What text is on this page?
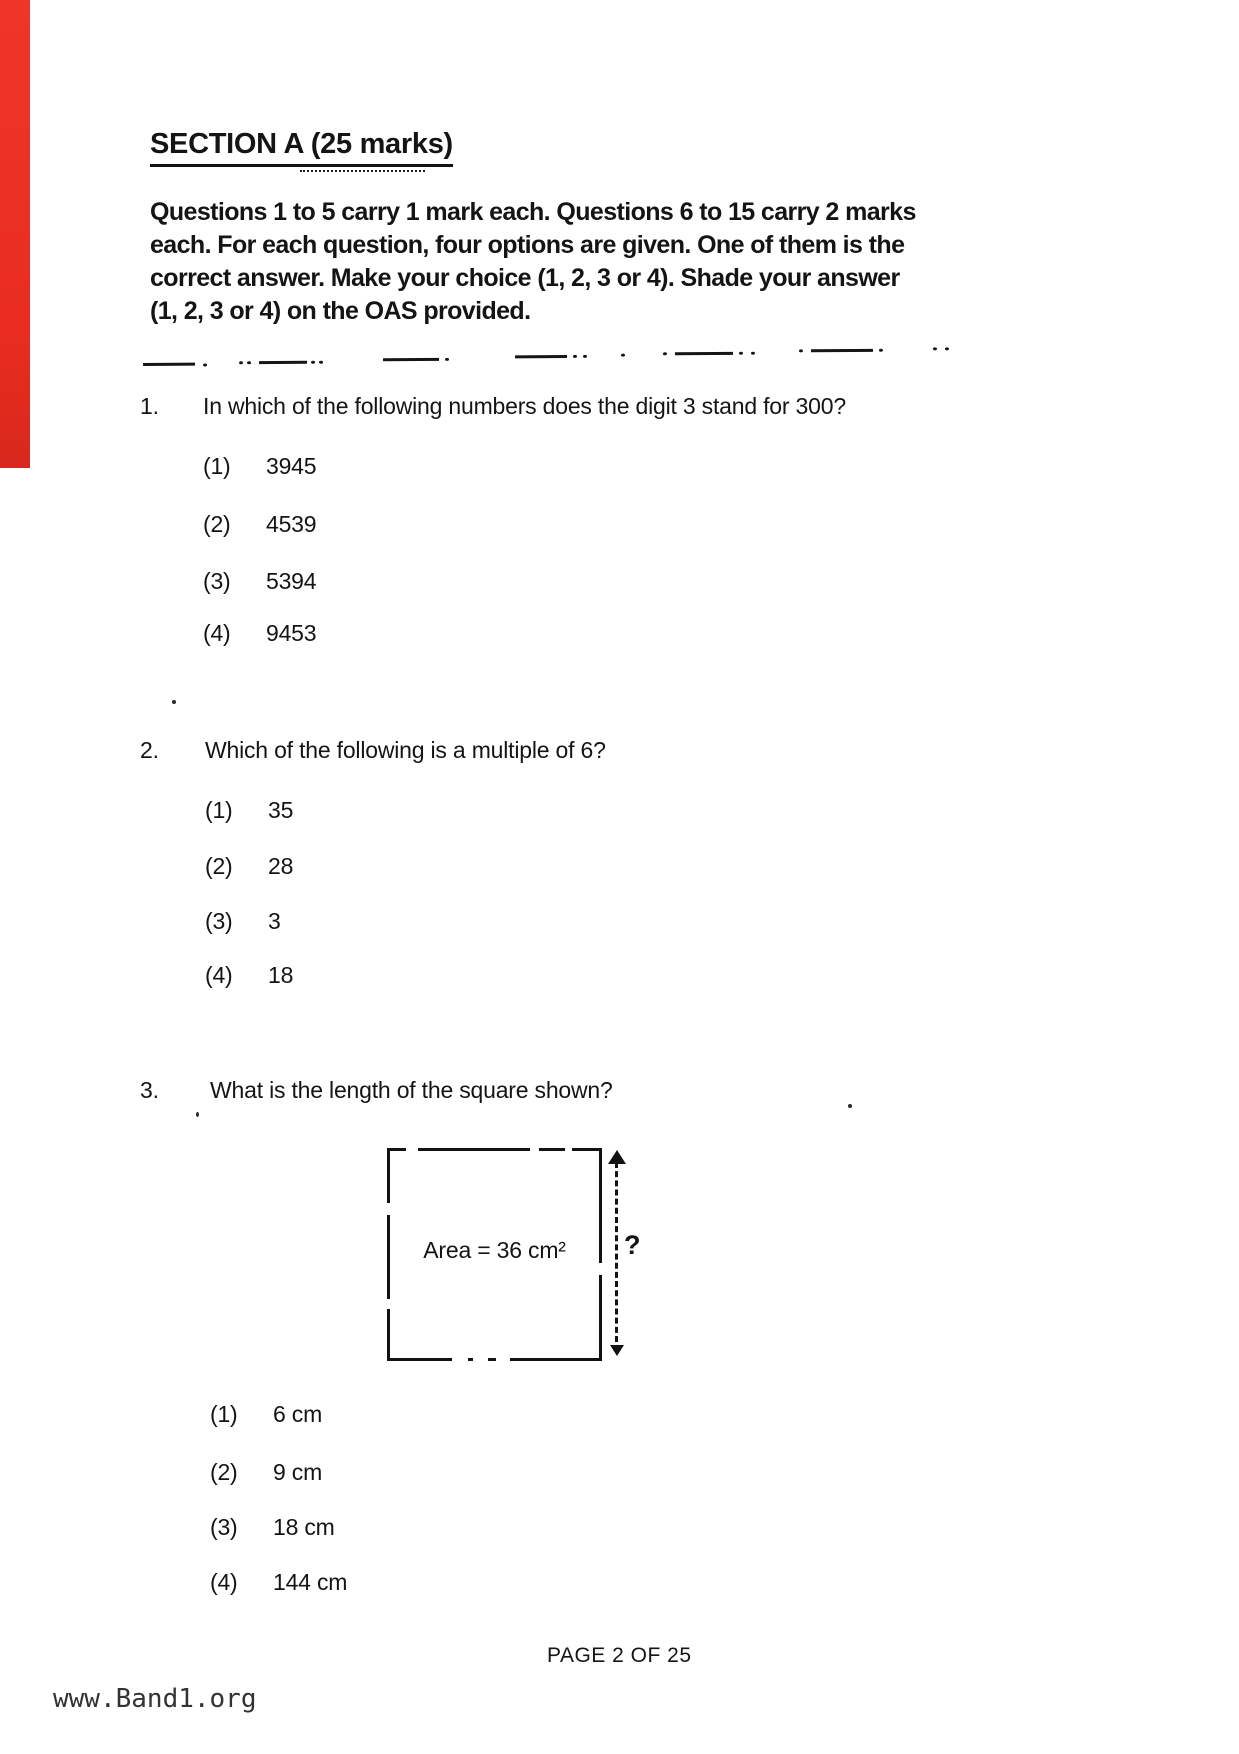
SECTION A (25 marks)
Questions 1 to 5 carry 1 mark each. Questions 6 to 15 carry 2 marks
each. For each question, four options are given. One of them is the
correct answer. Make your choice (1, 2, 3 or 4). Shade your answer
(1, 2, 3 or 4) on the OAS provided.
1. In which of the following numbers does the digit 3 stand for 300?
(1)	3945
(2)	4539
(3)	5394
(4)	9453
2. Which of the following is a multiple of 6?
(1)	35
(2)	28
(3)	3
(4)	18
3. What is the length of the square shown?
Area = 36 cm²	?
(1)	6 cm
(2)	9 cm
(3)	18 cm
(4)	144 cm
PAGE 2 OF 25
www.Band1.org
